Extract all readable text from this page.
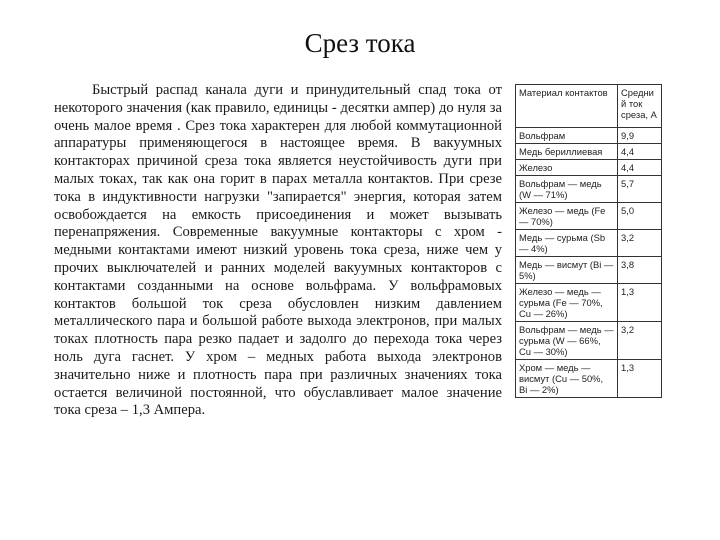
Срез тока

Быстрый распад канала дуги и принудительный спад тока от некоторого значения (как правило, единицы - десятки ампер) до нуля за очень малое время . Срез тока характерен для любой коммутационной аппаратуры применяющегося в настоящее время. В вакуумных контакторах причиной среза тока является неустойчивость дуги при малых токах, так как она горит в парах металла контактов. При срезе тока в индуктивности нагрузки "запирается" энергия, которая затем освобождается на емкость присоединения и может вызывать перенапряжения. Современные вакуумные контакторы с хром - медными контактами имеют низкий уровень тока среза, ниже чем у прочих выключателей и ранних моделей вакуумных контакторов с контактами созданными на основе вольфрама. У вольфрамовых контактов большой ток среза обусловлен низким давлением металлического пара и большой работе выхода электронов, при малых токах плотность пара резко падает и задолго до перехода тока через ноль дуга гаснет. У хром – медных работа выхода электронов значительно ниже и плотность пара при различных значениях тока остается величиной постоянной, что обуславливает малое значение тока среза – 1,3 Ампера.

Материал контактов	Средний ток среза, А
Вольфрам	9,9
Медь бериллиевая	4,4
Железо	4,4
Вольфрам — медь (W — 71%)	5,7
Железо — медь (Fe — 70%)	5,0
Медь — сурьма (Sb — 4%)	3,2
Медь — висмут (Bi — 5%)	3,8
Железо — медь — сурьма (Fe — 70%, Cu — 26%)	1,3
Вольфрам — медь — сурьма (W — 66%, Cu — 30%)	3,2
Хром — медь — висмут (Cu — 50%, Bi — 2%)	1,3
